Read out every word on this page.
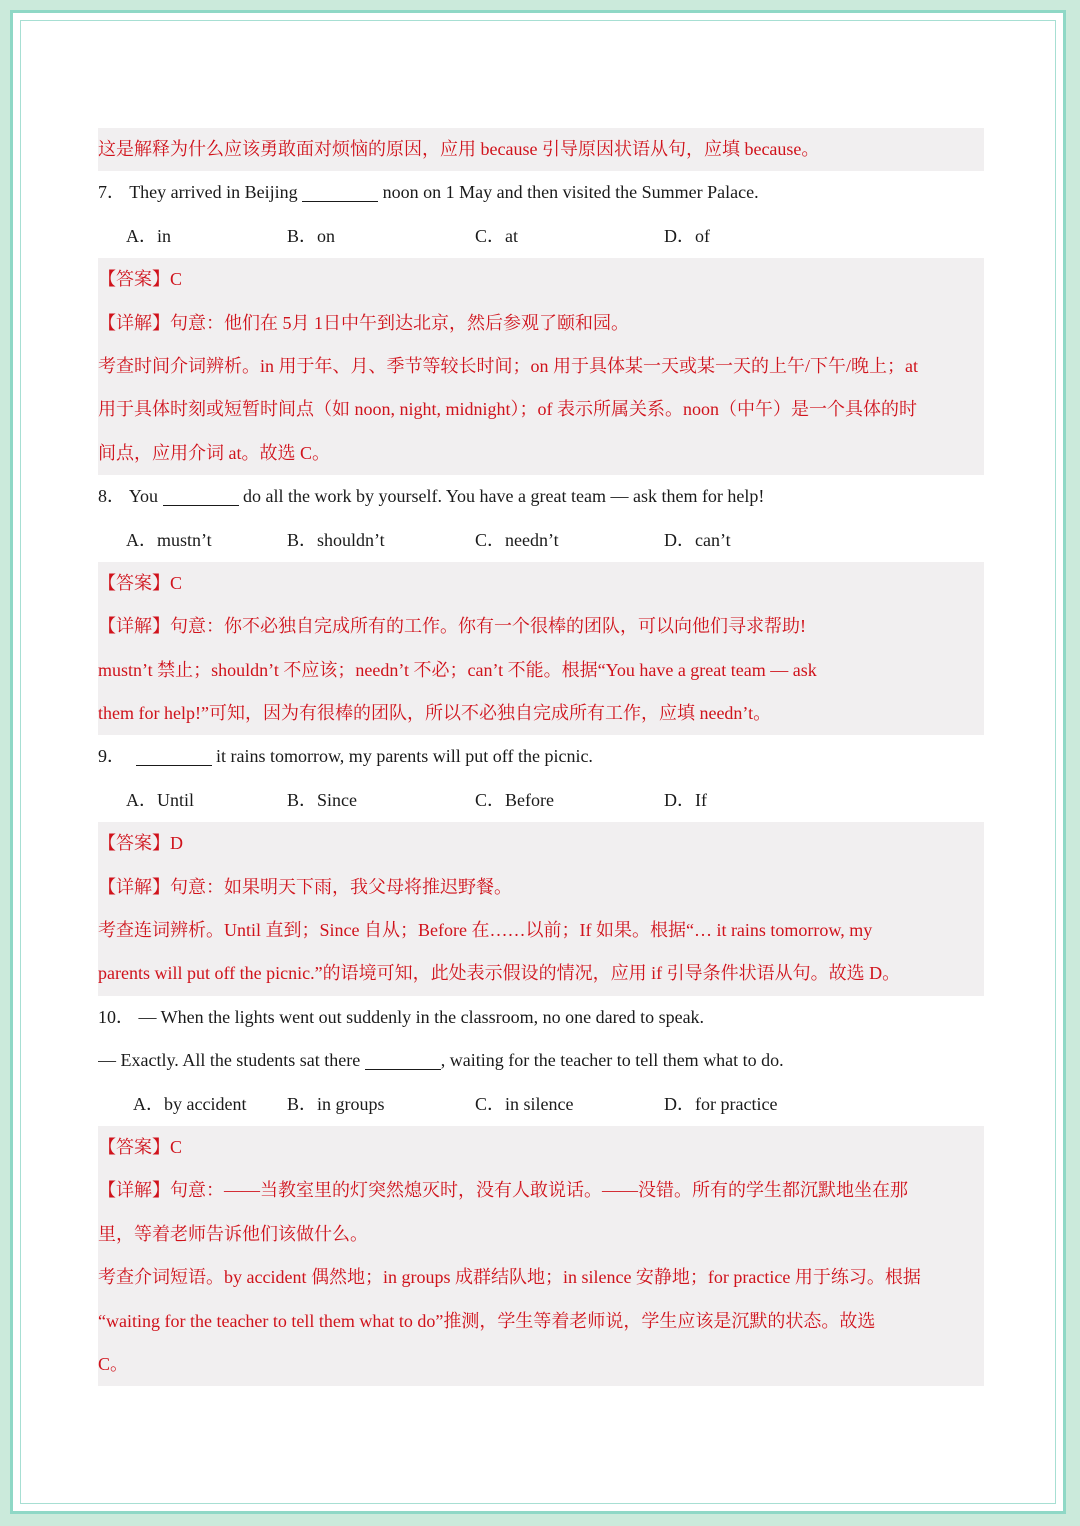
这是解释为什么应该勇敢面对烦恼的原因，应用 because 引导原因状语从句，应填 because。
7． They arrived in Beijing	noon on 1 May and then visited the Summer Palace.
A．in	B．on	C．at	D．of
【答案】C
【详解】句意：他们在 5月 1日中午到达北京，然后参观了颐和园。
考查时间介词辨析。in 用于年、月、季节等较长时间；on 用于具体某一天或某一天的上午/下午/晚上；at
用于具体时刻或短暂时间点（如 noon, night, midnight）；of 表示所属关系。noon（中午）是一个具体的时
间点，应用介词 at。故选 C。
8． You	do all the work by yourself. You have a great team — ask them for help!
A．mustn’t	B．shouldn’t	C．needn’t	D．can’t
【答案】C
【详解】句意：你不必独自完成所有的工作。你有一个很棒的团队，可以向他们寻求帮助!
mustn’t 禁止；shouldn’t 不应该；needn’t 不必；can’t 不能。根据“You have a great team — ask
them for help!”可知，因为有很棒的团队，所以不必独自完成所有工作，应填 needn’t。
9．	it rains tomorrow, my parents will put off the picnic.
A．Until	B．Since	C．Before	D．If
【答案】D
【详解】句意：如果明天下雨，我父母将推迟野餐。
考查连词辨析。Until 直到；Since 自从；Before 在……以前；If 如果。根据“… it rains tomorrow, my
parents will put off the picnic.”的语境可知，此处表示假设的情况，应用 if 引导条件状语从句。故选 D。
10． — When the lights went out suddenly in the classroom, no one dared to speak.
— Exactly. All the students sat there	, waiting for the teacher to tell them what to do.
A．by accident B．in groups	C．in silence	D．for practice
【答案】C
【详解】句意：——当教室里的灯突然熄灭时，没有人敢说话。——没错。所有的学生都沉默地坐在那
里，等着老师告诉他们该做什么。
考查介词短语。by accident 偶然地；in groups 成群结队地；in silence 安静地；for practice 用于练习。根据
“waiting for the teacher to tell them what to do”推测，学生等着老师说，学生应该是沉默的状态。故选
C。
